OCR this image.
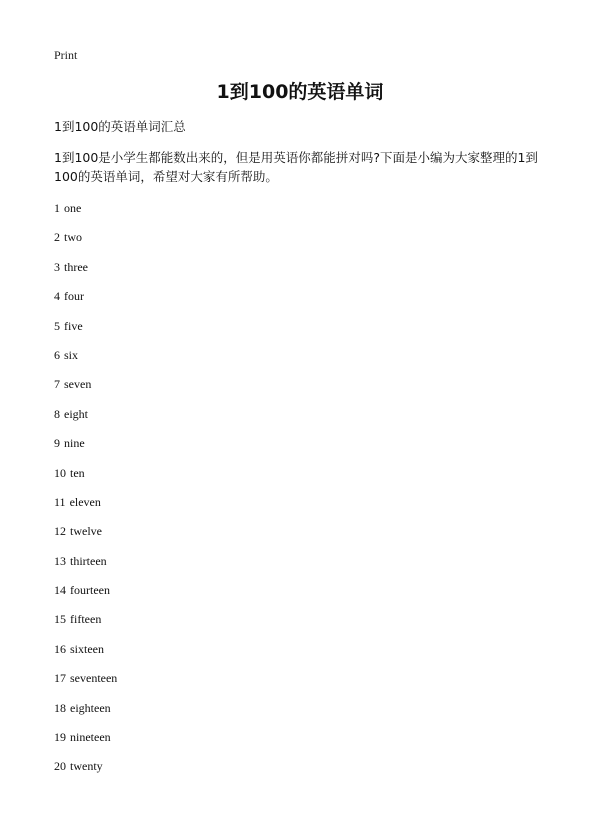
Print
1到100的英语单词

1到100的英语单词汇总

1到100是小学生都能数出来的，但是用英语你都能拼对吗?下面是小编为大家整理的1到100的英语单词，希望对大家有所帮助。

1 one
2 two
3 three
4 four
5 five
6 six
7 seven
8 eight
9 nine
10 ten
11 eleven
12 twelve
13 thirteen
14 fourteen
15 fifteen
16 sixteen
17 seventeen
18 eighteen
19 nineteen
20 twenty
